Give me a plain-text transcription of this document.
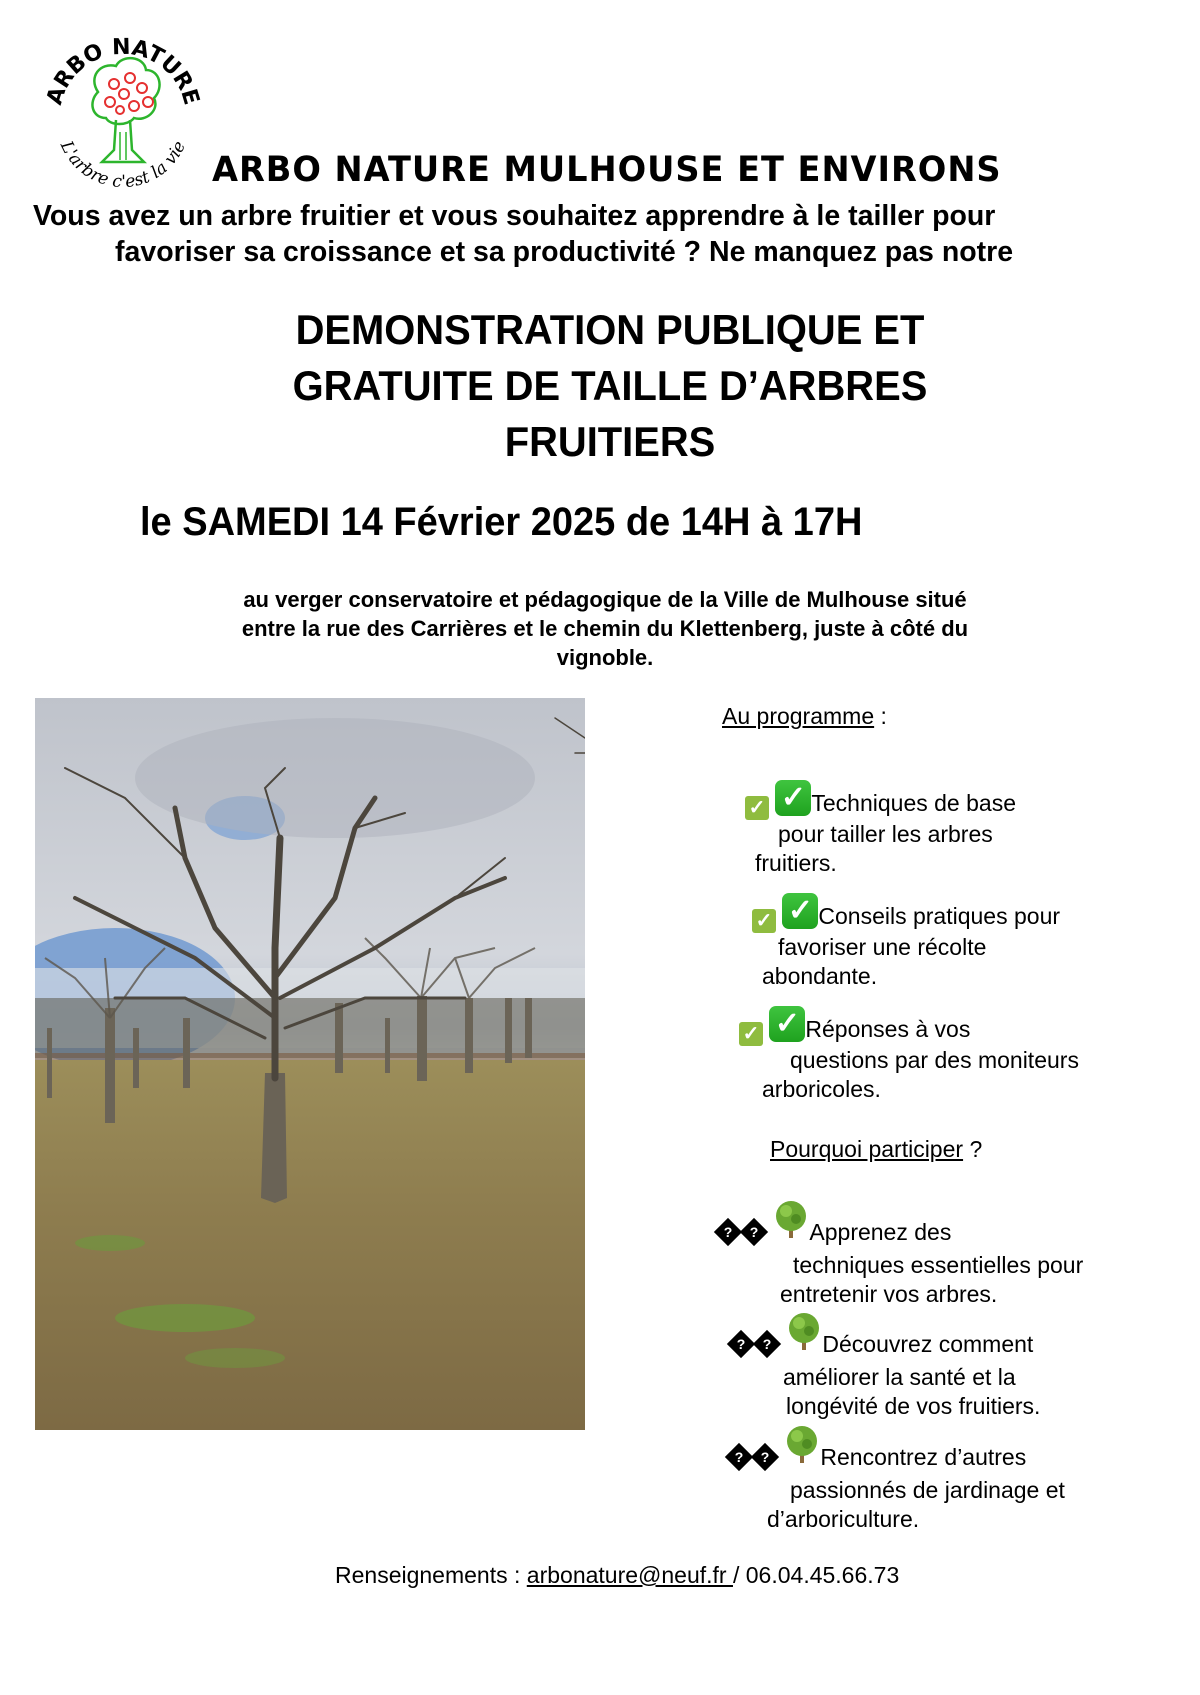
ARBO NATURE
L'arbre c'est la vie
ARBO NATURE MULHOUSE ET ENVIRONS
Vous avez un arbre fruitier et vous souhaitez apprendre à le tailler pour
favoriser sa croissance et sa productivité ? Ne manquez pas notre
DEMONSTRATION PUBLIQUE ET
GRATUITE DE TAILLE D’ARBRES
FRUITIERS
le SAMEDI 14 Février 2025 de 14H à 17H
au verger conservatoire et pédagogique de la Ville de Mulhouse situé
entre la rue des Carrières et le chemin du Klettenberg, juste à côté du
vignoble.
Au programme :
✓ ✓ Techniques de base
pour tailler les arbres
fruitiers.
✓ ✓ Conseils pratiques pour
favoriser une récolte
abondante.
✓ ✓ Réponses à vos
questions par des moniteurs
arboricoles.
Pourquoi participer ?
?	? Apprenez des
techniques essentielles pour
entretenir vos arbres.
?	? Découvrez comment
améliorer la santé et la
longévité de vos fruitiers.
?	? Rencontrez d’autres
passionnés de jardinage et
d’arboriculture.
Renseignements : arbonature@neuf.fr / 06.04.45.66.73
